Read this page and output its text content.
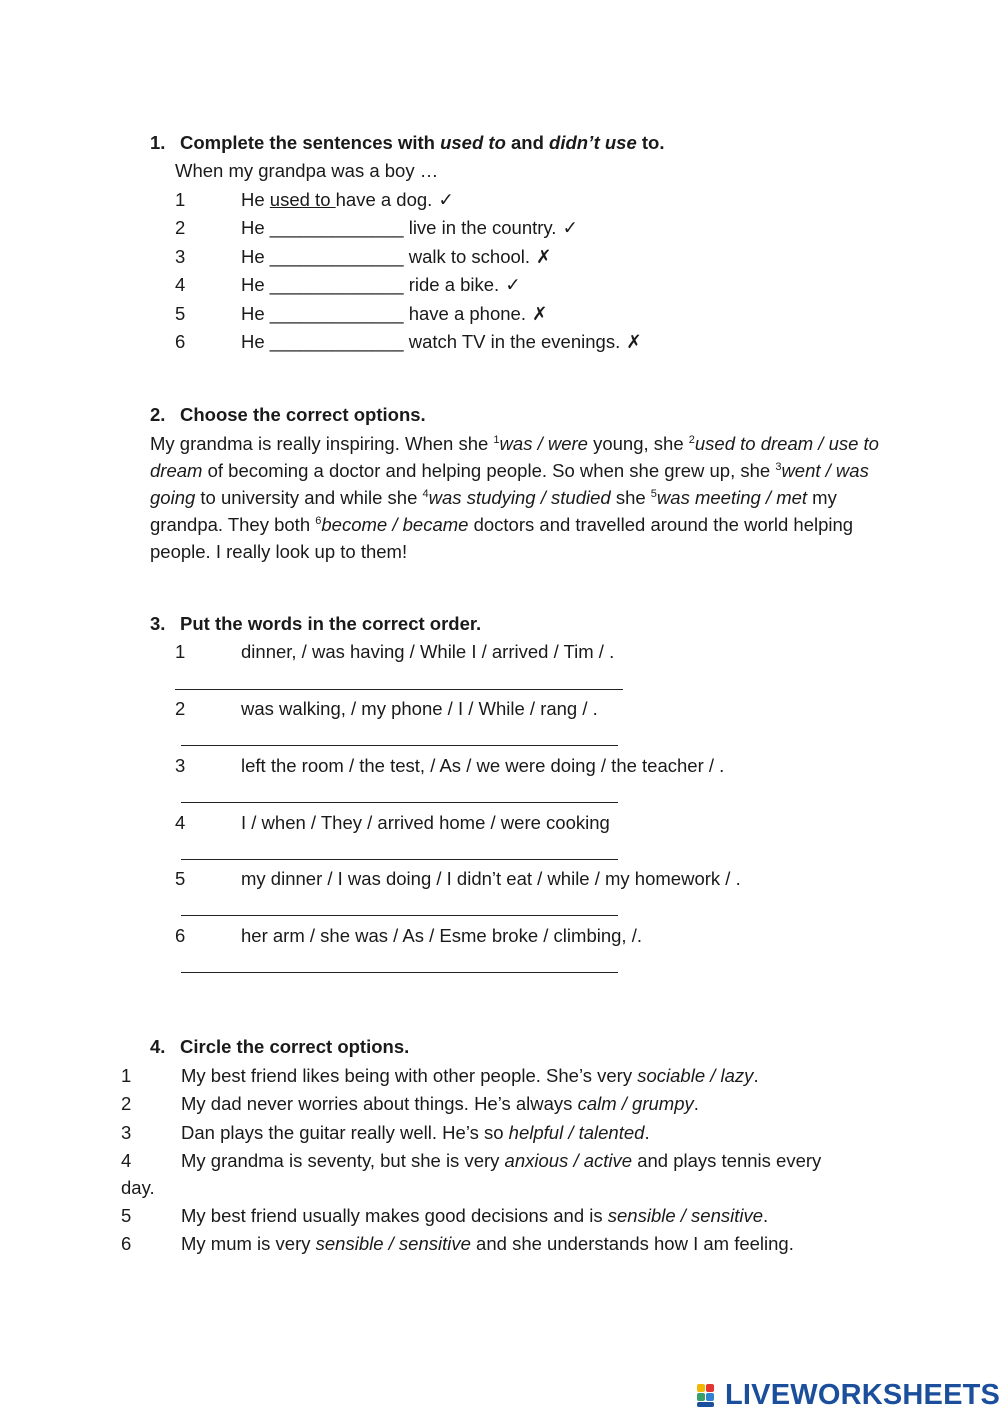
1. Complete the sentences with used to and didn’t use to.
When my grandpa was a boy …
1	He used to have a dog. ✓
2	He _____________ live in the country. ✓
3	He _____________ walk to school. ✗
4	He _____________ ride a bike. ✓
5	He _____________ have a phone. ✗
6	He _____________ watch TV in the evenings. ✗
2. Choose the correct options.
My grandma is really inspiring. When she $^1$was / were young, she $^2$used to dream / use to dream of becoming a doctor and helping people. So when she grew up, she $^3$went / was going to university and while she $^4$was studying / studied she $^5$was meeting / met my grandpa. They both $^6$become / became doctors and travelled around the world helping people. I really look up to them!
3. Put the words in the correct order.
1	dinner, / was having / While I / arrived / Tim / .
2	was walking, / my phone / I / While / rang / .
3	left the room / the test, / As / we were doing / the teacher / .
4	I / when / They / arrived home / were cooking
5	my dinner / I was doing / I didn’t eat / while / my homework / .
6	her arm / she was / As / Esme broke / climbing, /.
4. Circle the correct options.
1	My best friend likes being with other people. She’s very sociable / lazy.
2	My dad never worries about things. He’s always calm / grumpy.
3	Dan plays the guitar really well. He’s so helpful / talented.
4	My grandma is seventy, but she is very anxious / active and plays tennis every
day.
5	My best friend usually makes good decisions and is sensible / sensitive.
6	My mum is very sensible / sensitive and she understands how I am feeling.
LIVEWORKSHEETS
